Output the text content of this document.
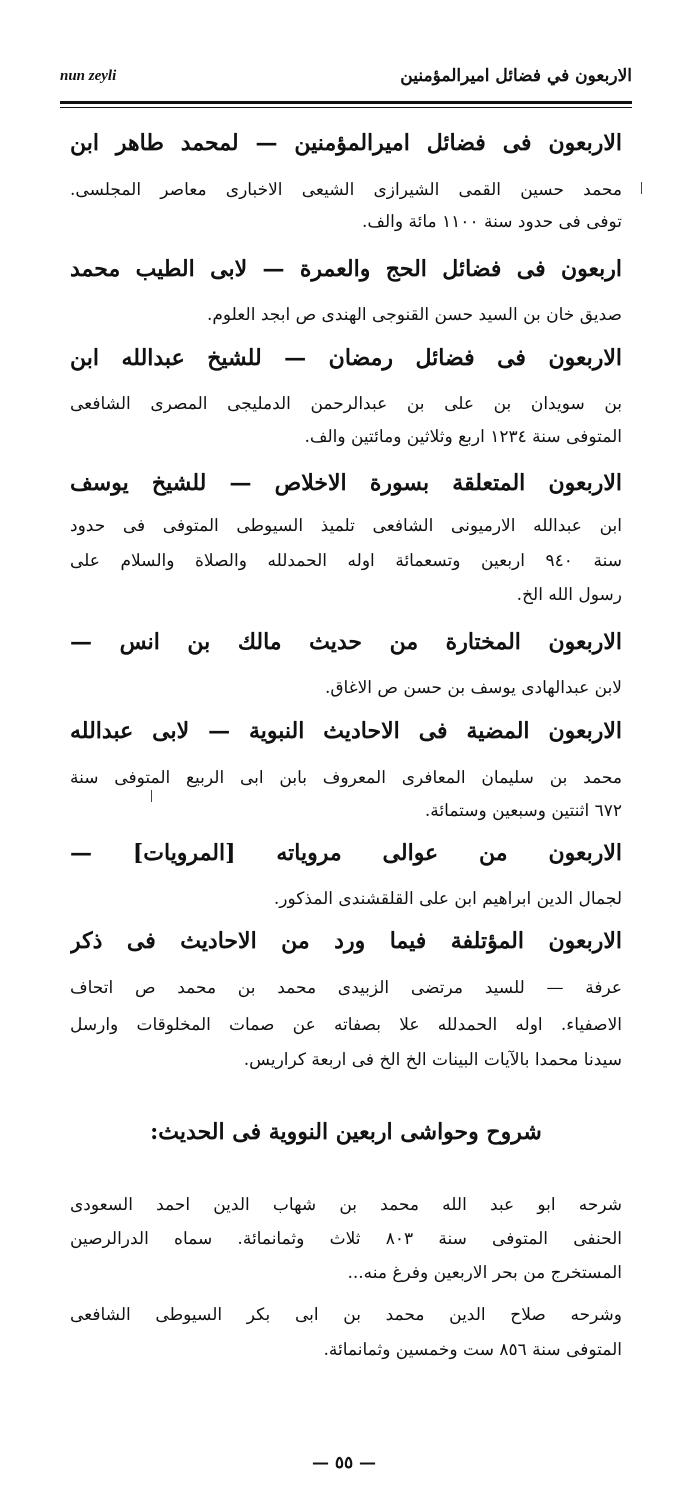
الاربعون في فضائل اميرالمؤمنين
nun zeyli
الاربعون فى فضائل اميرالمؤمنين — لمحمد طاهر ابن
محمد حسين القمى الشيرازى الشيعى الاخبارى معاصر المجلسى.
توفى فى حدود سنة ١١٠٠ مائة والف.
اربعون فى فضائل الحج والعمرة — لابى الطيب محمد
صديق خان بن السيد حسن القنوجى الهندى ص ابجد العلوم.
الاربعون فى فضائل رمضان — للشيخ عبدالله ابن
بن سويدان بن على بن عبدالرحمن الدمليجى المصرى الشافعى
المتوفى سنة ١٢٣٤ اربع وثلاثين ومائتين والف.
الاربعون المتعلقة بسورة الاخلاص — للشيخ يوسف
ابن عبدالله الارميونى الشافعى تلميذ السيوطى المتوفى فى حدود
سنة ٩٤٠ اربعين وتسعمائة اوله الحمدلله والصلاة والسلام على
رسول الله الخ.
الاربعون المختارة من حديث مالك بن انس —
لابن عبدالهادى يوسف بن حسن ص الاغاق.
الاربعون المضية فى الاحاديث النبوية — لابى عبدالله
محمد بن سليمان المعافرى المعروف بابن ابى الربيع المتوفى سنة
٦٧٢ اثنتين وسبعين وستمائة.
الاربعون من عوالى مروياته [المرويات] —
لجمال الدين ابراهيم ابن على القلقشندى المذكور.
الاربعون المؤتلفة فيما ورد من الاحاديث فى ذكر
عرفة — للسيد مرتضى الزبيدى محمد بن محمد ص اتحاف
الاصفياء. اوله الحمدلله علا بصفاته عن صمات المخلوقات وارسل
سيدنا محمدا بالآيات البينات الخ الخ فى اربعة كراريس.
شروح وحواشى اربعين النووية فى الحديث:
شرحه ابو عبد الله محمد بن شهاب الدين احمد السعودى
الحنفى المتوفى سنة ٨٠٣ ثلاث وثمانمائة. سماه الدرالرصين
المستخرج من بحر الاربعين وفرغ منه...
وشرحه صلاح الدين محمد بن ابى بكر السيوطى الشافعى
المتوفى سنة ٨٥٦ ست وخمسين وثمانمائة.
— ٥٥ —
